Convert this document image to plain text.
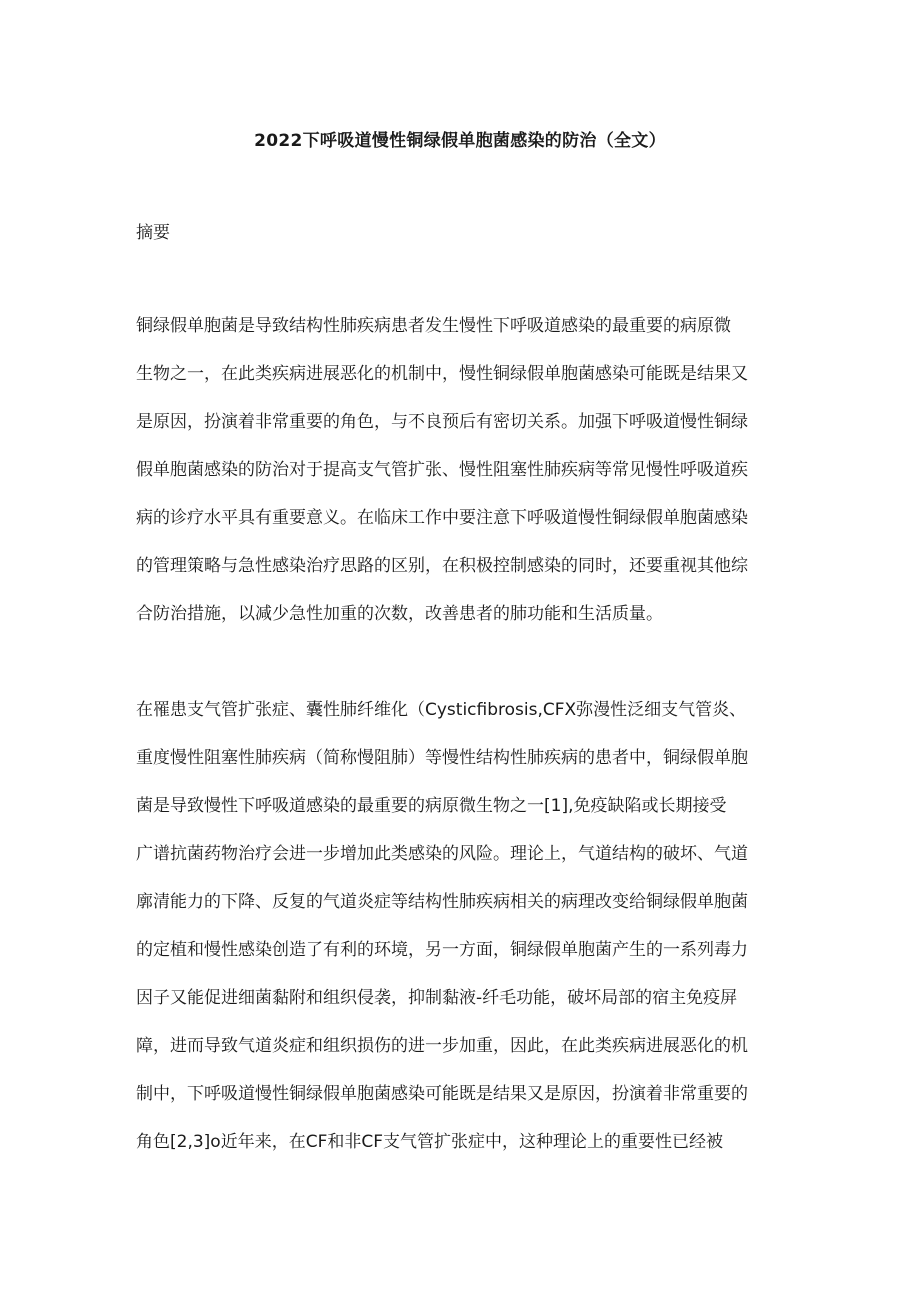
2022下呼吸道慢性铜绿假单胞菌感染的防治（全文）
摘要
铜绿假单胞菌是导致结构性肺疾病患者发生慢性下呼吸道感染的最重要的病原微
生物之一，在此类疾病进展恶化的机制中，慢性铜绿假单胞菌感染可能既是结果又
是原因，扮演着非常重要的角色，与不良预后有密切关系。加强下呼吸道慢性铜绿
假单胞菌感染的防治对于提高支气管扩张、慢性阻塞性肺疾病等常见慢性呼吸道疾
病的诊疗水平具有重要意义。在临床工作中要注意下呼吸道慢性铜绿假单胞菌感染
的管理策略与急性感染治疗思路的区别，在积极控制感染的同时，还要重视其他综
合防治措施，以减少急性加重的次数，改善患者的肺功能和生活质量。
在罹患支气管扩张症、囊性肺纤维化（Cysticfibrosis,CFX弥漫性泛细支气管炎、
重度慢性阻塞性肺疾病（简称慢阻肺）等慢性结构性肺疾病的患者中，铜绿假单胞
菌是导致慢性下呼吸道感染的最重要的病原微生物之一[1],免疫缺陷或长期接受
广谱抗菌药物治疗会进一步增加此类感染的风险。理论上，气道结构的破坏、气道
廓清能力的下降、反复的气道炎症等结构性肺疾病相关的病理改变给铜绿假单胞菌
的定植和慢性感染创造了有利的环境，另一方面，铜绿假单胞菌产生的一系列毒力
因子又能促进细菌黏附和组织侵袭，抑制黏液-纤毛功能，破坏局部的宿主免疫屏
障，进而导致气道炎症和组织损伤的进一步加重，因此，在此类疾病进展恶化的机
制中，下呼吸道慢性铜绿假单胞菌感染可能既是结果又是原因，扮演着非常重要的
角色[2,3]o近年来，在CF和非CF支气管扩张症中，这种理论上的重要性已经被
